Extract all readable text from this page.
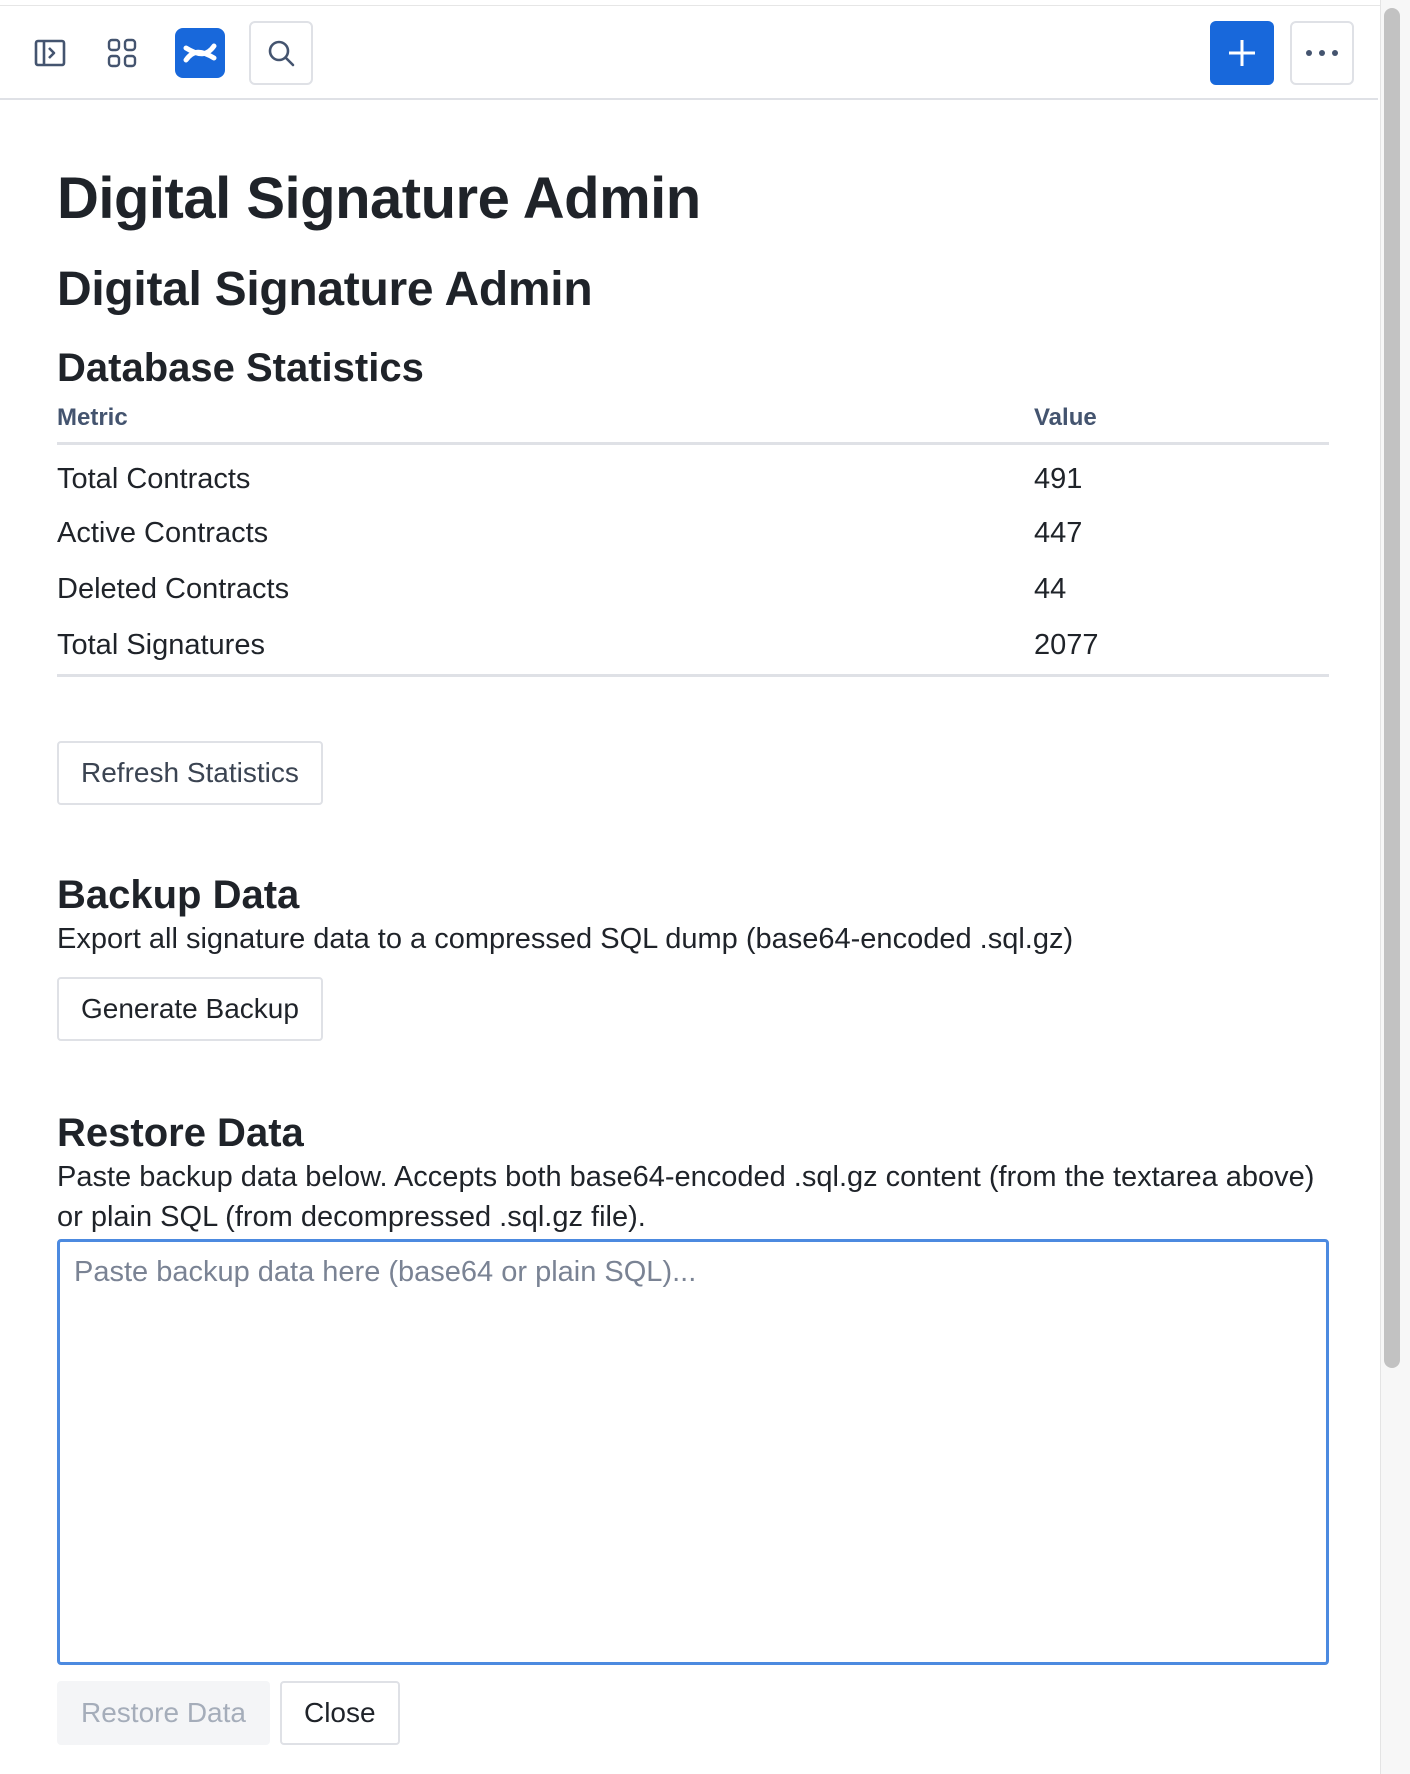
Digital Signature Admin
Digital Signature Admin
Database Statistics
Metric	Value
Total Contracts	491
Active Contracts	447
Deleted Contracts	44
Total Signatures	2077
Refresh Statistics
Backup Data

Export all signature data to a compressed SQL dump (base64-encoded .sql.gz)

Generate Backup
Restore Data

Paste backup data below. Accepts both base64-encoded .sql.gz content (from the textarea above) or plain SQL (from decompressed .sql.gz file).

Paste backup data here (base64 or plain SQL)...
Restore Data	Close
